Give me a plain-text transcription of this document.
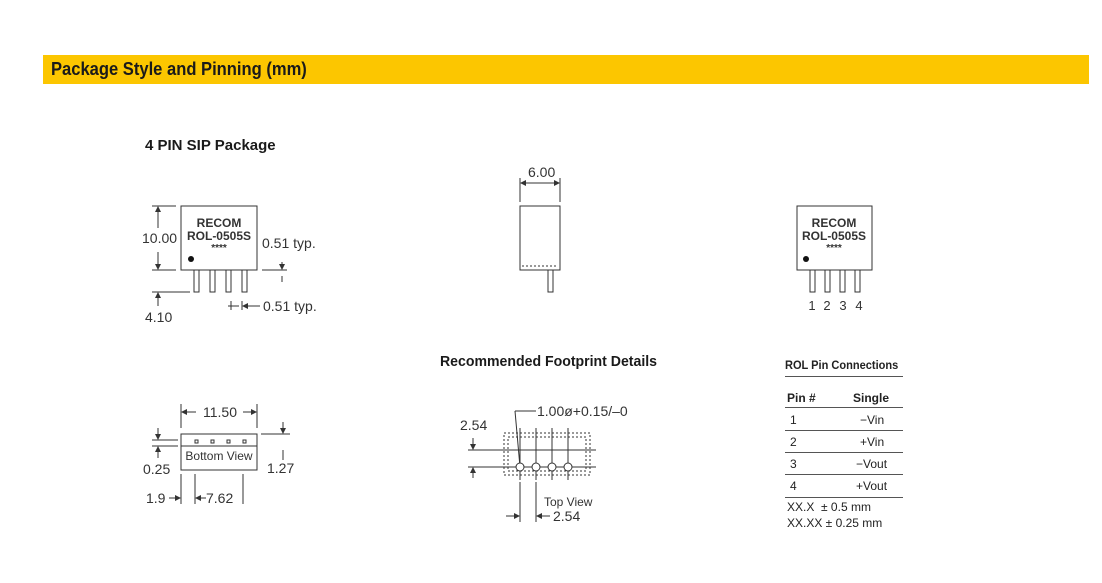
Package Style and Pinning (mm)
4 PIN SIP Package
Recommended Footprint Details
RECOM
ROL-0505S
****
10.00	0.51 typ.
4.10
0.51 typ.
6.00
RECOM
ROL-0505S
****
1 2 3 4
Bottom View
11.50
0.25	1.27
1.9	7.62
1.00ø+0.15/–0
2.54
Top View
2.54
ROL Pin Connections
Pin #	Single
1	−Vin
2	+Vin
3	−Vout
4	+Vout
XX.X  ± 0.5 mm
XX.XX ± 0.25 mm
